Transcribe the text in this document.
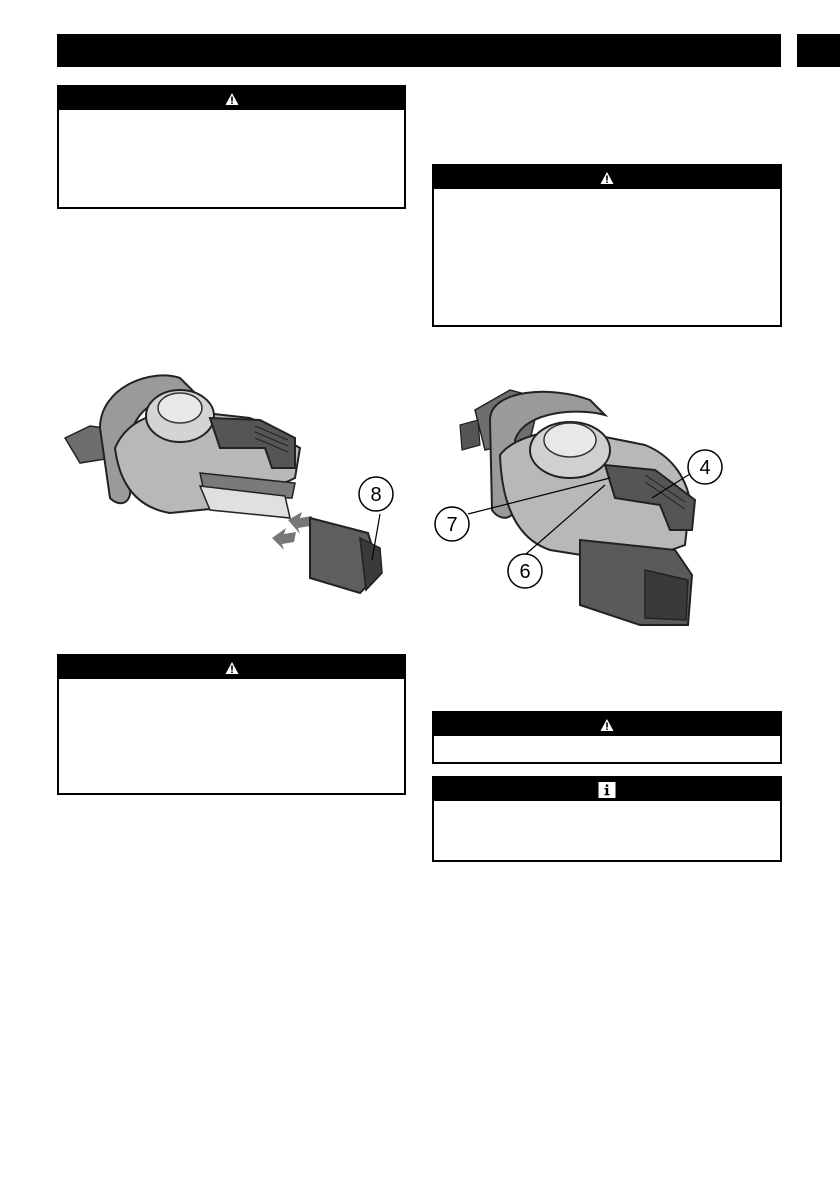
8
4
7
6
